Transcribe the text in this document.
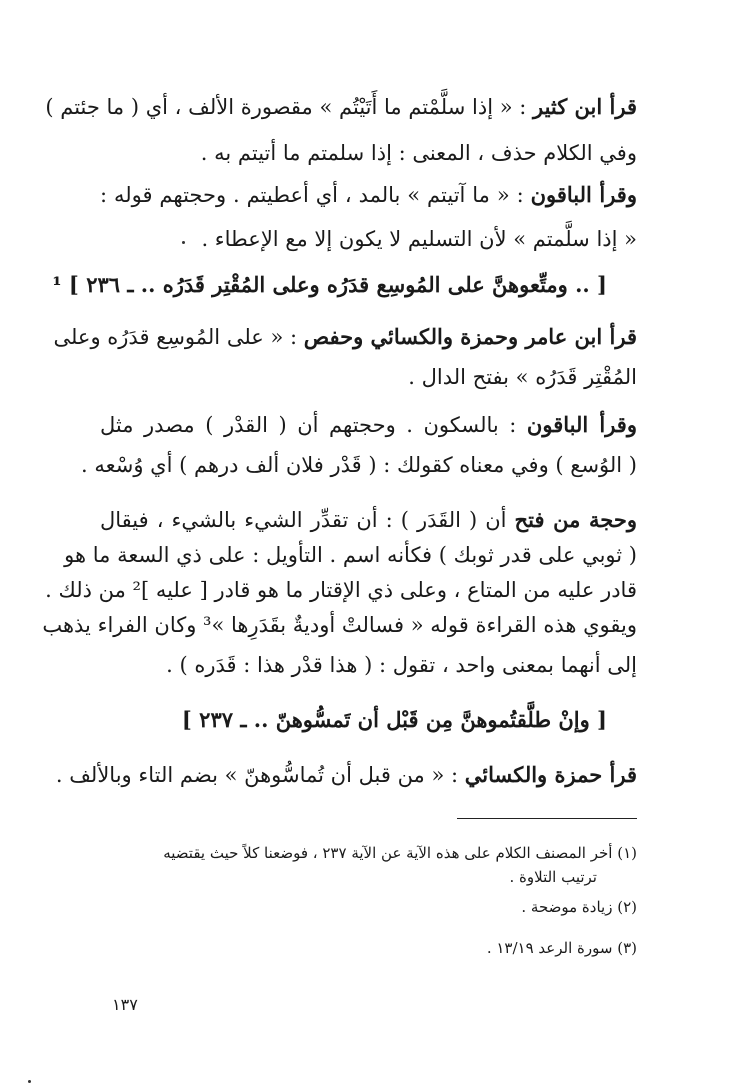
قرأ ابن كثير : « إذا سلَّمْتم ما أَتَيْتُم » مقصورة الألف ، أي ( ما جئتم )
وفي الكلام حذف ، المعنى : إذا سلمتم ما أتيتم به .
وقرأ الباقون : « ما آتيتم » بالمد ، أي أعطيتم . وحجتهم قوله :
« إذا سلَّمتم » لأن التسليم لا يكون إلا مع الإعطاء .
[ .. ومتِّعوهنَّ على المُوسِع قدَرُه وعلى المُقْتِر قَدَرُه .. ـ ٢٣٦ ] ¹
قرأ ابن عامر وحمزة والكسائي وحفص : « على المُوسِع قدَرُه وعلى
المُقْتِر قَدَرُه » بفتح الدال .
وقرأ الباقون : بالسكون . وحجتهم أن ( القدْر ) مصدر مثل
( الوُسع ) وفي معناه كقولك : ( قَدْر فلان ألف درهم ) أي وُسْعه .
وحجة من فتح أن ( القَدَر ) : أن تقدِّر الشيء بالشيء ، فيقال
( ثوبي على قدر ثوبك ) فكأنه اسم . التأويل : على ذي السعة ما هو
قادر عليه من المتاع ، وعلى ذي الإقتار ما هو قادر [ عليه ]² من ذلك .
ويقوي هذه القراءة قوله « فسالتْ أوديةٌ بقَدَرِها »³ وكان الفراء يذهب
إلى أنهما بمعنى واحد ، تقول : ( هذا قدْر هذا : قَدَره ) .
[ وإنْ طلَّقتُموهنَّ مِن قَبْل أن تَمسُّوهنّ .. ـ ٢٣٧ ]
قرأ حمزة والكسائي : « من قبل أن تُماسُّوهنّ » بضم التاء وبالألف .
(١) أخر المصنف الكلام على هذه الآية عن الآية ٢٣٧ ، فوضعنا كلاً حيث يقتضيه
ترتيب التلاوة .
(٢) زيادة موضحة .
(٣) سورة الرعد ١٣/١٩ .
١٣٧
